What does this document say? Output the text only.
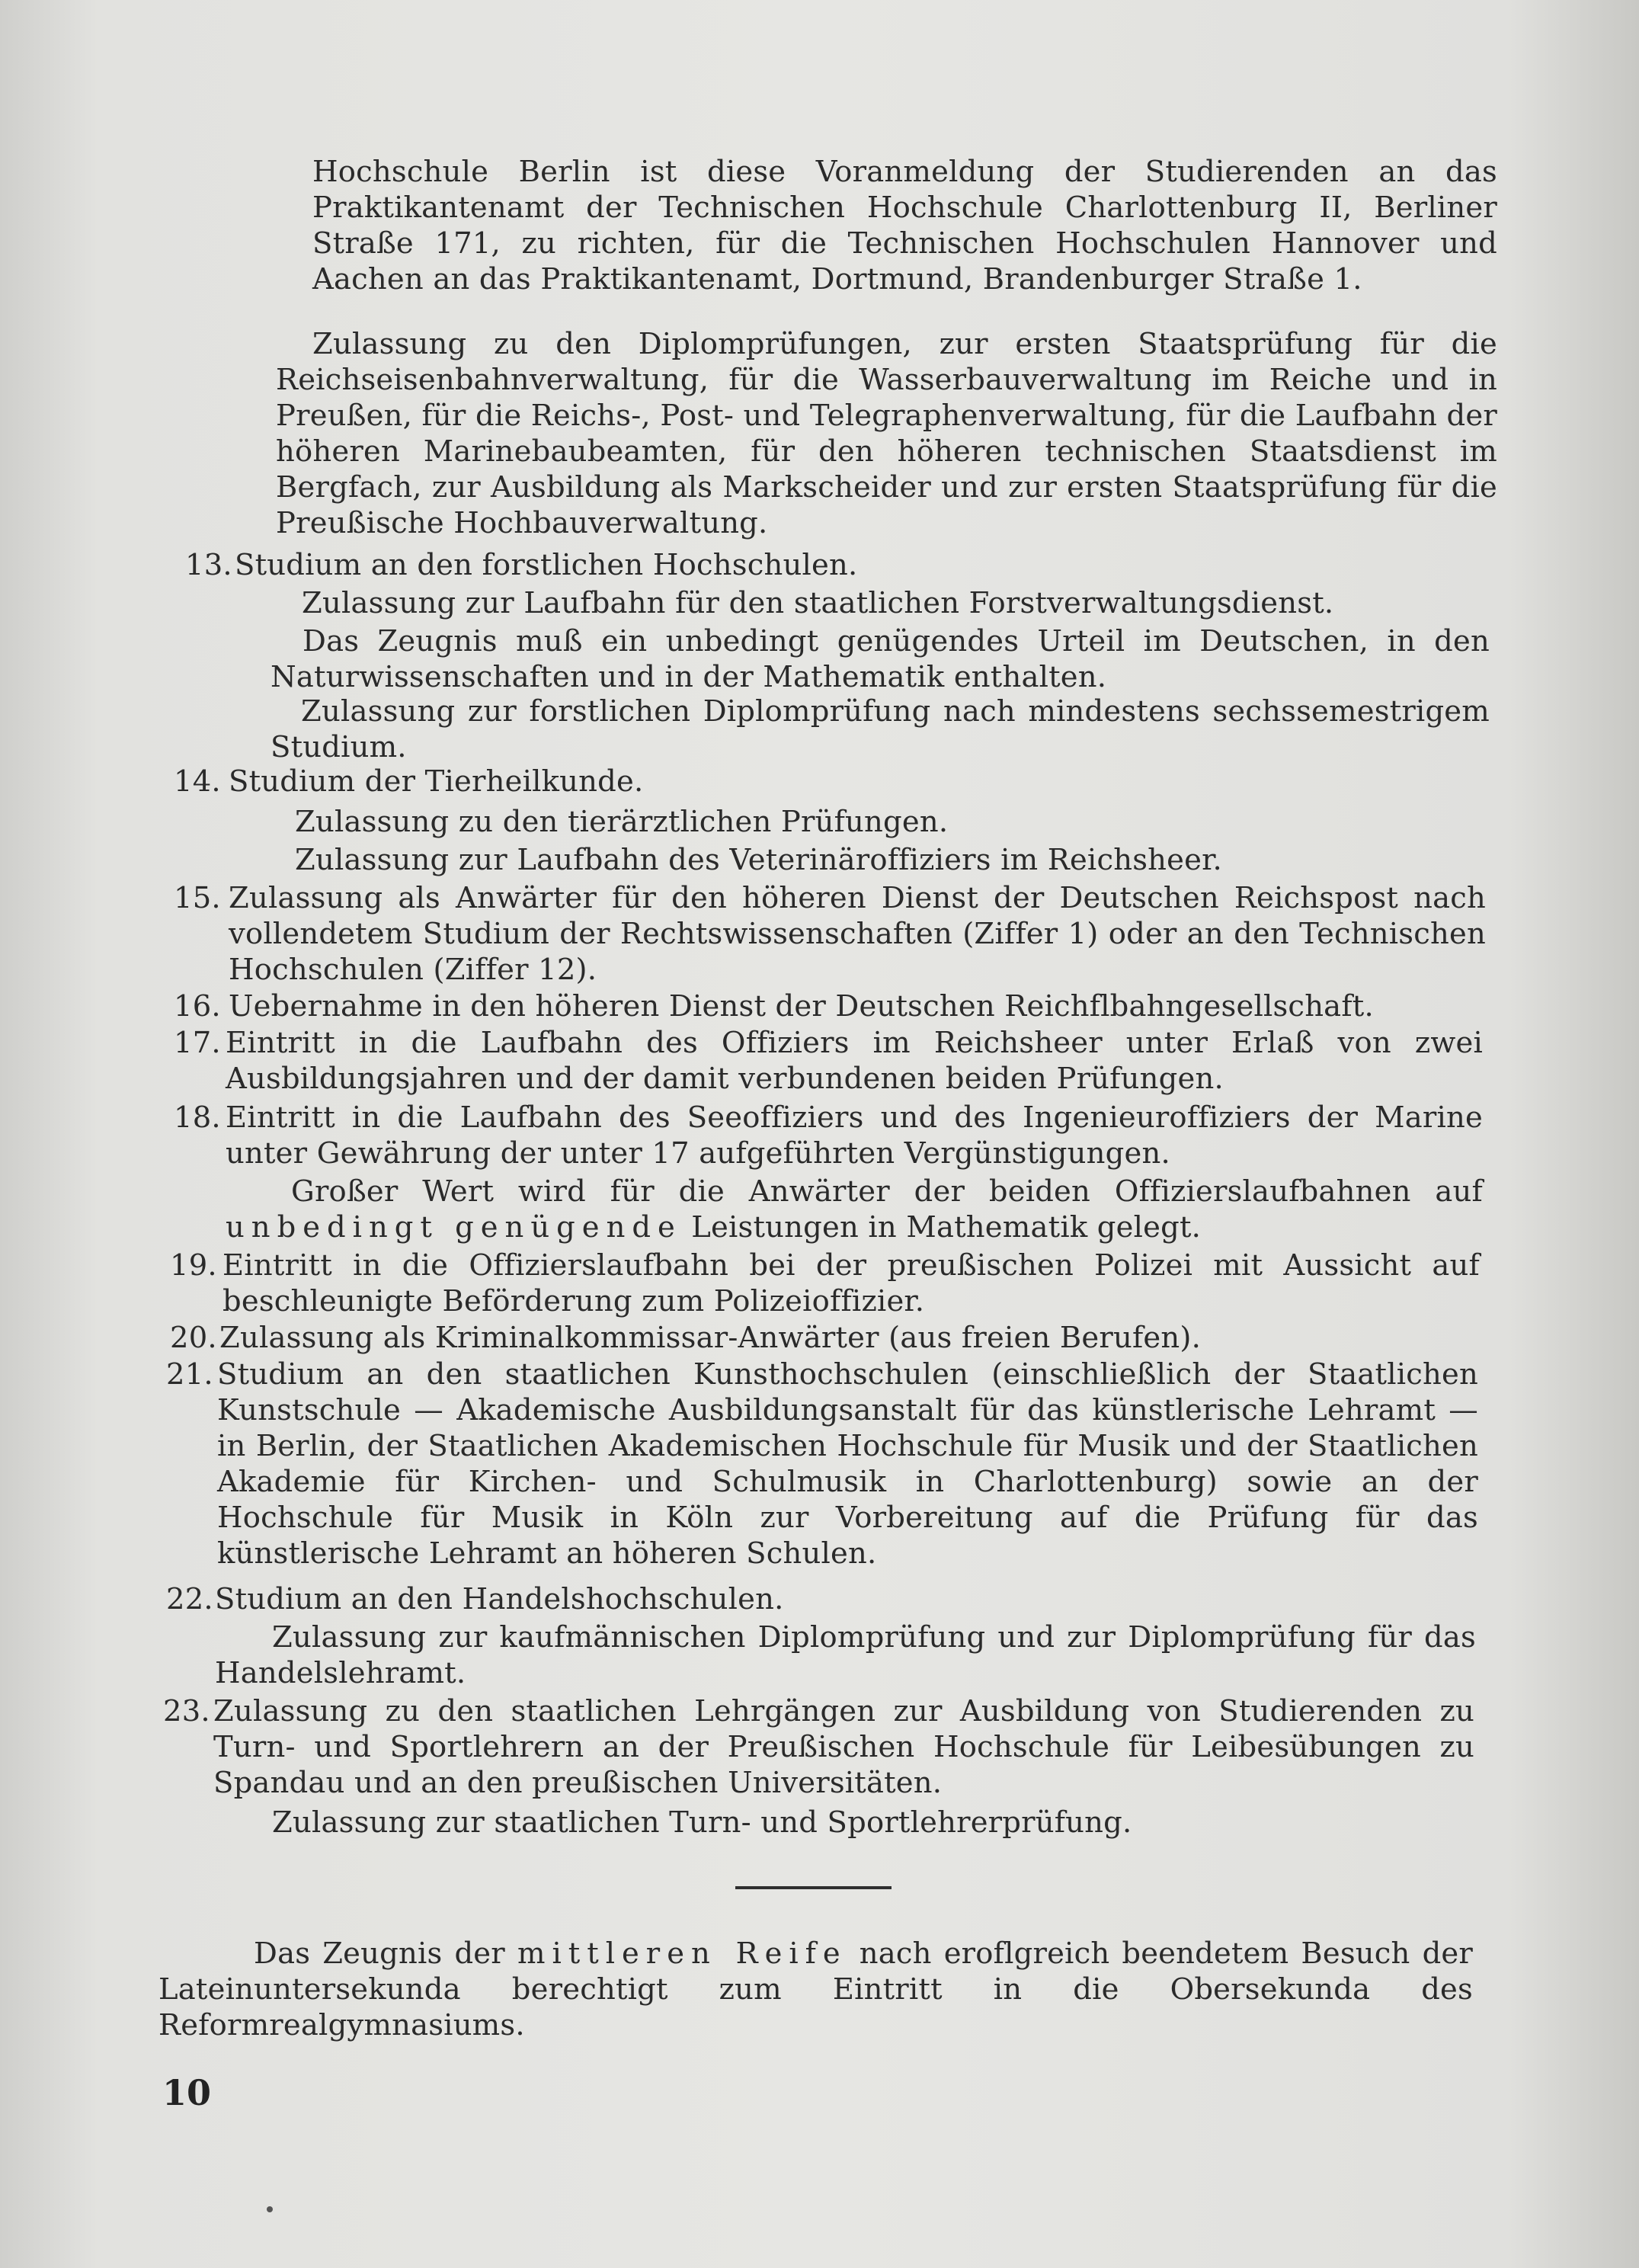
Hochschule Berlin ist diese Voranmeldung der Studierenden an das Praktikantenamt der Technischen Hochschule Charlottenburg II, Berliner Straße 171, zu richten, für die Technischen Hochschulen Hannover und Aachen an das Praktikantenamt, Dortmund, Brandenburger Straße 1.
Zulassung zu den Diplomprüfungen, zur ersten Staatsprüfung für die Reichseisenbahnverwaltung, für die Wasserbauverwaltung im Reiche und in Preußen, für die Reichs-, Post- und Telegraphenverwaltung, für die Laufbahn der höheren Marinebaubeamten, für den höheren technischen Staatsdienst im Bergfach, zur Ausbildung als Markscheider und zur ersten Staatsprüfung für die Preußische Hochbauverwaltung.
13. Studium an den forstlichen Hochschulen.
Zulassung zur Laufbahn für den staatlichen Forstverwaltungsdienst.
Das Zeugnis muß ein unbedingt genügendes Urteil im Deutschen, in den Naturwissenschaften und in der Mathematik enthalten.
Zulassung zur forstlichen Diplomprüfung nach mindestens sechssemestrigem Studium.
14. Studium der Tierheilkunde.
Zulassung zu den tierärztlichen Prüfungen.
Zulassung zur Laufbahn des Veterinäroffiziers im Reichsheer.
15. Zulassung als Anwärter für den höheren Dienst der Deutschen Reichspost nach vollendetem Studium der Rechtswissenschaften (Ziffer 1) oder an den Technischen Hochschulen (Ziffer 12).
16. Uebernahme in den höheren Dienst der Deutschen Reichflbahngesellschaft.
17. Eintritt in die Laufbahn des Offiziers im Reichsheer unter Erlaß von zwei Ausbildungsjahren und der damit verbundenen beiden Prüfungen.
18. Eintritt in die Laufbahn des Seeoffiziers und des Ingenieuroffiziers der Marine unter Gewährung der unter 17 aufgeführten Vergünstigungen.
Großer Wert wird für die Anwärter der beiden Offizierslaufbahnen auf unbedingt genügende Leistungen in Mathematik gelegt.
19. Eintritt in die Offizierslaufbahn bei der preußischen Polizei mit Aussicht auf beschleunigte Beförderung zum Polizeioffizier.
20. Zulassung als Kriminalkommissar-Anwärter (aus freien Berufen).
21. Studium an den staatlichen Kunsthochschulen (einschließlich der Staatlichen Kunstschule — Akademische Ausbildungsanstalt für das künstlerische Lehramt — in Berlin, der Staatlichen Akademischen Hochschule für Musik und der Staatlichen Akademie für Kirchen- und Schulmusik in Charlottenburg) sowie an der Hochschule für Musik in Köln zur Vorbereitung auf die Prüfung für das künstlerische Lehramt an höheren Schulen.
22. Studium an den Handelshochschulen.
Zulassung zur kaufmännischen Diplomprüfung und zur Diplomprüfung für das Handelslehramt.
23. Zulassung zu den staatlichen Lehrgängen zur Ausbildung von Studierenden zu Turn- und Sportlehrern an der Preußischen Hochschule für Leibesübungen zu Spandau und an den preußischen Universitäten.
Zulassung zur staatlichen Turn- und Sportlehrerprüfung.
Das Zeugnis der mittleren Reife nach eroflgreich beendetem Besuch der Lateinuntersekunda berechtigt zum Eintritt in die Obersekunda des Reformrealgymnasiums.
10
